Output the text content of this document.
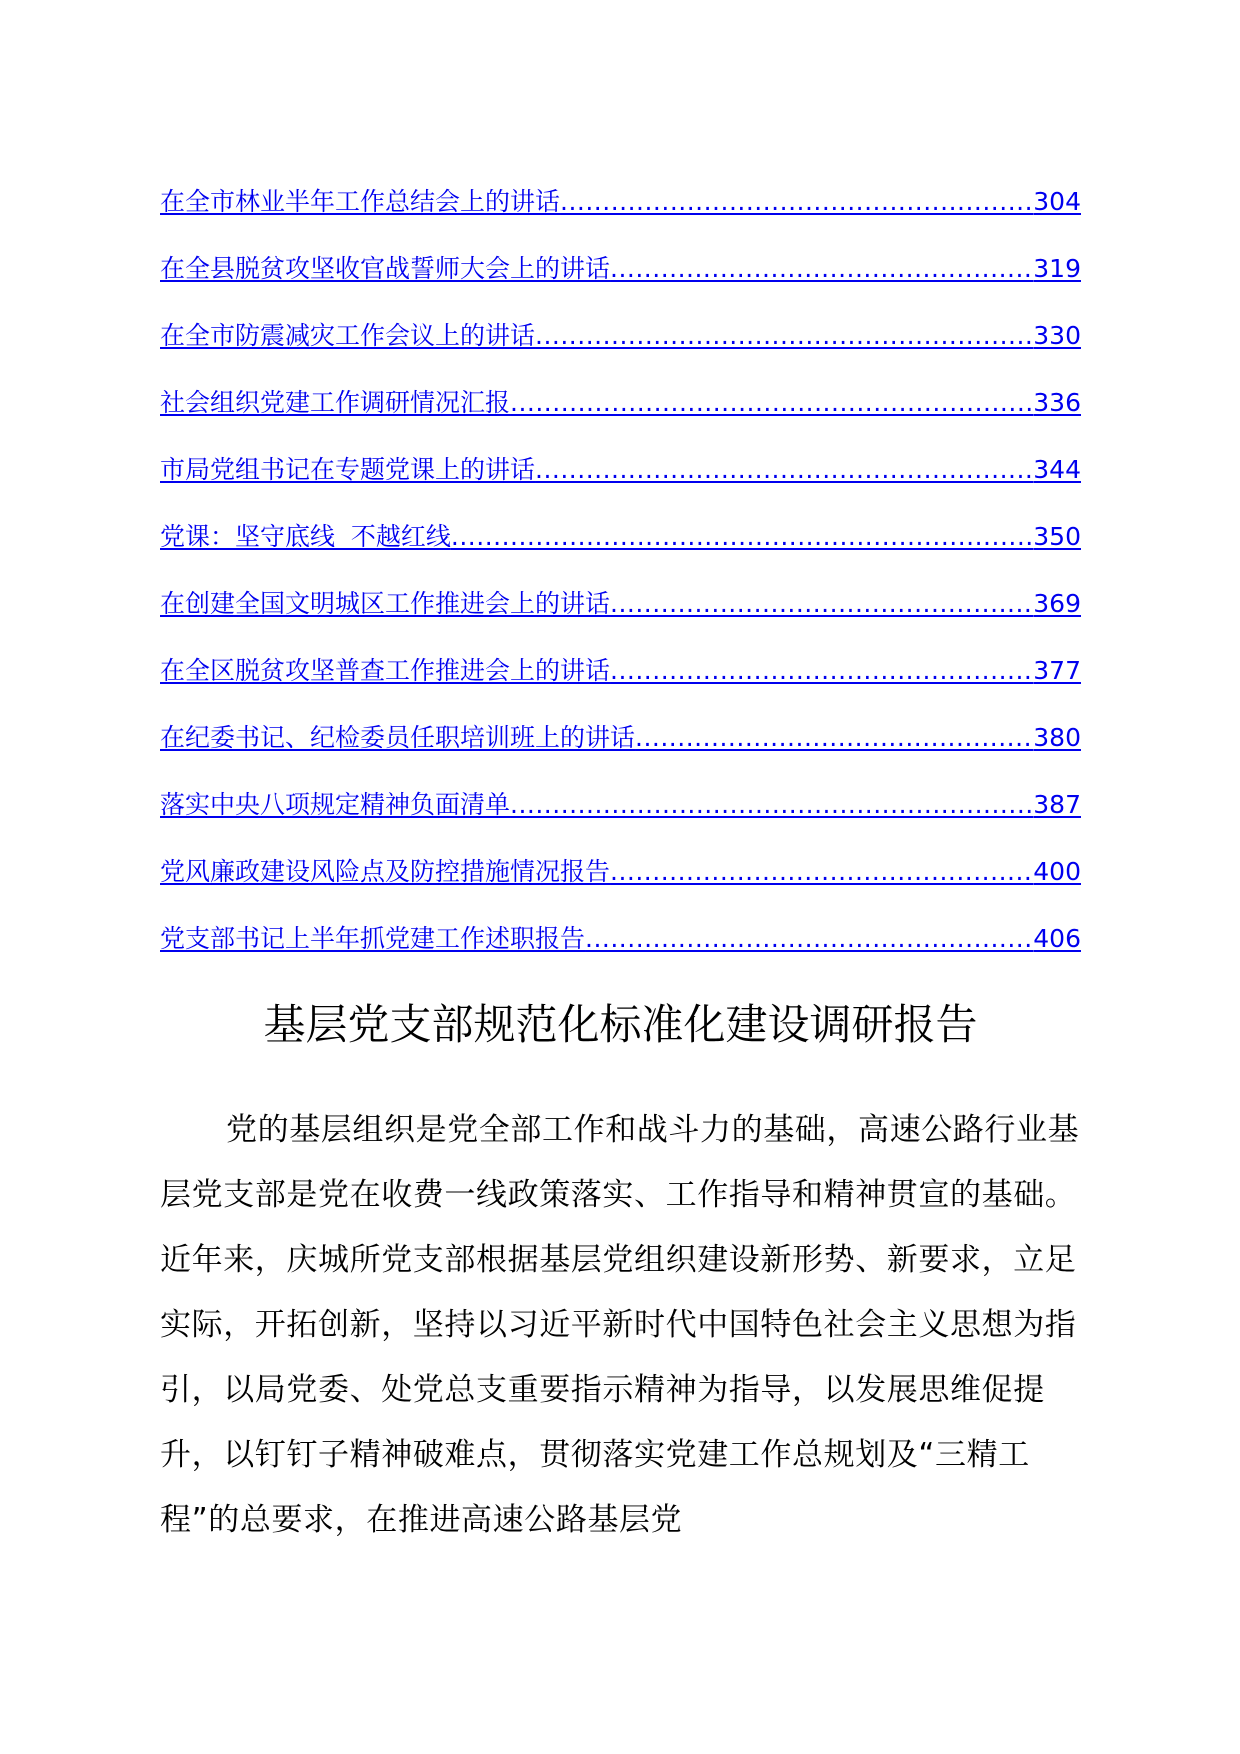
在全市林业半年工作总结会上的讲话 .....	304
在全县脱贫攻坚收官战誓师大会上的讲话 .....	319
在全市防震减灾工作会议上的讲话 .....	330
社会组织党建工作调研情况汇报 .....	336
市局党组书记在专题党课上的讲话 .....	344
党课：坚守底线  不越红线 .....	350
在创建全国文明城区工作推进会上的讲话 .....	369
在全区脱贫攻坚普查工作推进会上的讲话 .....	377
在纪委书记、纪检委员任职培训班上的讲话 .....	380
落实中央八项规定精神负面清单 .....	387
党风廉政建设风险点及防控措施情况报告 .....	400
党支部书记上半年抓党建工作述职报告 .....	406
基层党支部规范化标准化建设调研报告

党的基层组织是党全部工作和战斗力的基础，高速公路行业基层党支部是党在收费一线政策落实、工作指导和精神贯宣的基础。近年来，庆城所党支部根据基层党组织建设新形势、新要求，立足实际，开拓创新，坚持以习近平新时代中国特色社会主义思想为指引，以局党委、处党总支重要指示精神为指导，以发展思维促提升，以钉钉子精神破难点，贯彻落实党建工作总规划及“三精工程”的总要求，在推进高速公路基层党
